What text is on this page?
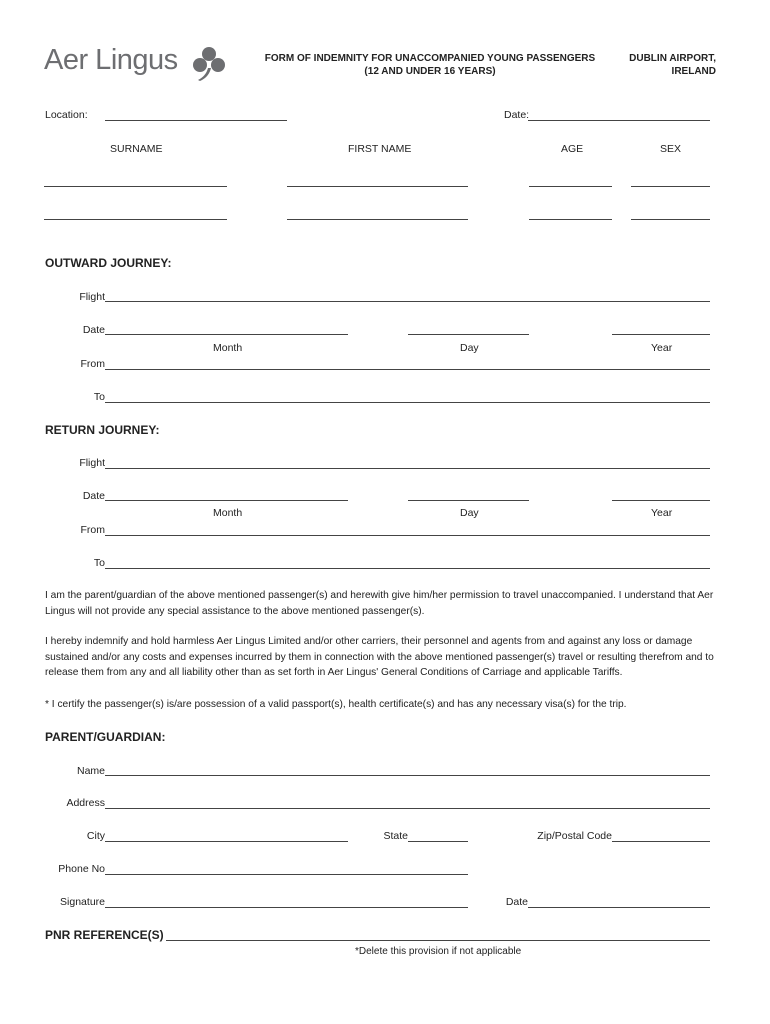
Aer Lingus	FORM OF INDEMNITY FOR UNACCOMPANIED YOUNG PASSENGERS
(12 AND UNDER 16 YEARS)
DUBLIN AIRPORT,
IRELAND
Location:	Date:
SURNAME	FIRST NAME	AGE	SEX
OUTWARD JOURNEY:
Flight
Date
Month	Day	Year
From
To
RETURN JOURNEY:
Flight
Date
Month	Day	Year
From
To
I am the parent/guardian of the above mentioned passenger(s) and herewith give him/her permission to travel unaccompanied. I understand that Aer Lingus will not provide any special assistance to the above mentioned passenger(s).
I hereby indemnify and hold harmless Aer Lingus Limited and/or other carriers, their personnel and agents from and against any loss or damage sustained and/or any costs and expenses incurred by them in connection with the above mentioned passenger(s) travel or resulting therefrom and to release them from any and all liability other than as set forth in Aer Lingus' General Conditions of Carriage and applicable Tariffs.
* I certify the passenger(s) is/are possession of a valid passport(s), health certificate(s) and has any necessary visa(s) for the trip.
PARENT/GUARDIAN:
Name
Address
City	State	Zip/Postal Code
Phone No
Signature	Date
PNR REFERENCE(S)
*Delete this provision if not applicable
